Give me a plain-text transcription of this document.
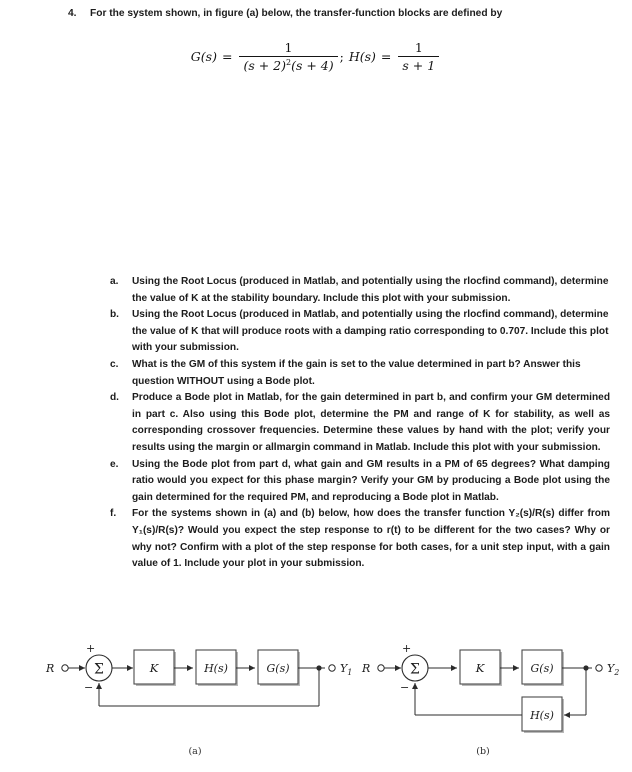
4.	For the system shown, in figure (a) below, the transfer-function blocks are defined by
$G(s) = \frac{1}{(s + 2)^2(s + 4)}$ ; $H(s) = \frac{1}{s + 1}$
a.	Using the Root Locus (produced in Matlab, and potentially using the rlocfind command), determine the value of K at the stability boundary. Include this plot with your submission.
b.	Using the Root Locus (produced in Matlab, and potentially using the rlocfind command), determine the value of K that will produce roots with a damping ratio corresponding to 0.707. Include this plot with your submission.
c.	What is the GM of this system if the gain is set to the value determined in part b? Answer this question WITHOUT using a Bode plot.
d.	Produce a Bode plot in Matlab, for the gain determined in part b, and confirm your GM determined in part c. Also using this Bode plot, determine the PM and range of K for stability, as well as corresponding crossover frequencies. Determine these values by hand with the plot; verify your results using the margin or allmargin command in Matlab. Include this plot with your submission.
e.	Using the Bode plot from part d, what gain and GM results in a PM of 65 degrees? What damping ratio would you expect for this phase margin? Verify your GM by producing a Bode plot using the gain determined for the required PM, and reproducing a Bode plot in Matlab.
f.	For the systems shown in (a) and (b) below, how does the transfer function Y₂(s)/R(s) differ from Y₁(s)/R(s)? Would you expect the step response to r(t) to be different for the two cases? Why or why not? Confirm with a plot of the step response for both cases, for a unit step input, with a gain value of 1. Include your plot in your submission.
R	Σ
+
−
K	H(s)	G(s)	$Y_1$
(a)
R	Σ
+
−
K	G(s)	$Y_2$
H(s)
(b)
